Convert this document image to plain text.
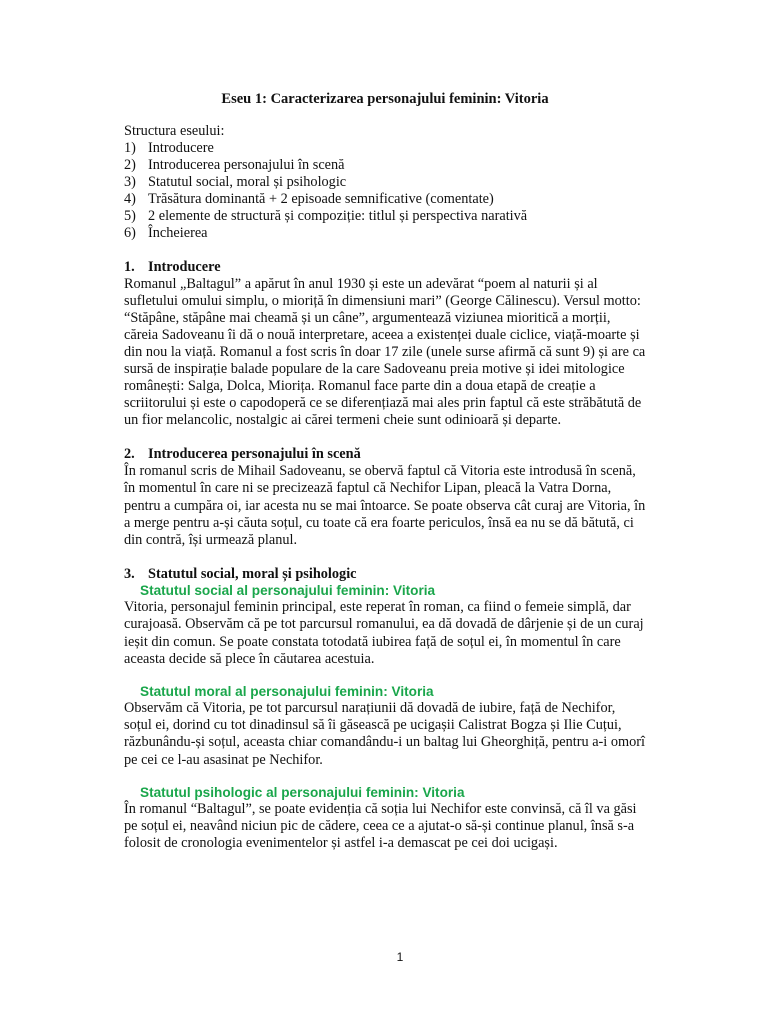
Eseu 1: Caracterizarea personajului feminin: Vitoria

Structura eseului:

1) Introducere
2) Introducerea personajului în scenă
3) Statutul social, moral și psihologic
4) Trăsătura dominantă + 2 episoade semnificative (comentate)
5) 2 elemente de structură și compoziție: titlul și perspectiva narativă
6) Încheierea
1. Introducere

Romanul „Baltagul” a apărut în anul 1930 și este un adevărat “poem al naturii și al sufletului omului simplu, o mioriță în dimensiuni mari” (George Călinescu). Versul motto: “Stăpâne, stăpâne mai cheamă și un câne”, argumentează viziunea mioritică a morții, căreia Sadoveanu îi dă o nouă interpretare, aceea a existenței duale ciclice, viață-moarte și din nou la viață. Romanul a fost scris în doar 17 zile (unele surse afirmă că sunt 9) și are ca sursă de inspirație balade populare de la care Sadoveanu preia motive și idei mitologice românești: Salga, Dolca, Miorița. Romanul face parte din a doua etapă de creație a scriitorului și este o capodoperă ce se diferențiază mai ales prin faptul că este străbătută de un fior melancolic, nostalgic ai cărei termeni cheie sunt odinioară și departe.

2. Introducerea personajului în scenă

În romanul scris de Mihail Sadoveanu, se obervă faptul că Vitoria este introdusă în scenă, în momentul în care ni se precizează faptul că Nechifor Lipan, pleacă la Vatra Dorna, pentru a cumpăra oi, iar acesta nu se mai întoarce. Se poate observa cât curaj are Vitoria, în a merge pentru a-și căuta soțul, cu toate că era foarte periculos, însă ea nu se dă bătută, ci din contră, își urmează planul.

3. Statutul social, moral și psihologic
Statutul social al personajului feminin: Vitoria

Vitoria, personajul feminin principal, este reperat în roman, ca fiind o femeie simplă, dar curajoasă. Observăm că pe tot parcursul romanului, ea dă dovadă de dârjenie și de un curaj ieșit din comun. Se poate constata totodată iubirea față de soțul ei, în momentul în care aceasta decide să plece în căutarea acestuia.

Statutul moral al personajului feminin: Vitoria

Observăm că Vitoria, pe tot parcursul narațiunii dă dovadă de iubire, față de Nechifor, soțul ei, dorind cu tot dinadinsul să îi găsească pe ucigașii Calistrat Bogza și Ilie Cuțui, răzbunându-și soțul, aceasta chiar comandându-i un baltag lui Gheorghiță, pentru a-i omorî pe cei ce l-au asasinat pe Nechifor.

Statutul psihologic al personajului feminin: Vitoria

În romanul “Baltagul”, se poate evidenția că soția lui Nechifor este convinsă, că îl va găsi pe soțul ei, neavând niciun pic de cădere, ceea ce a ajutat-o să-și continue planul, însă s-a folosit de cronologia evenimentelor și astfel i-a demascat pe cei doi ucigași.

1
